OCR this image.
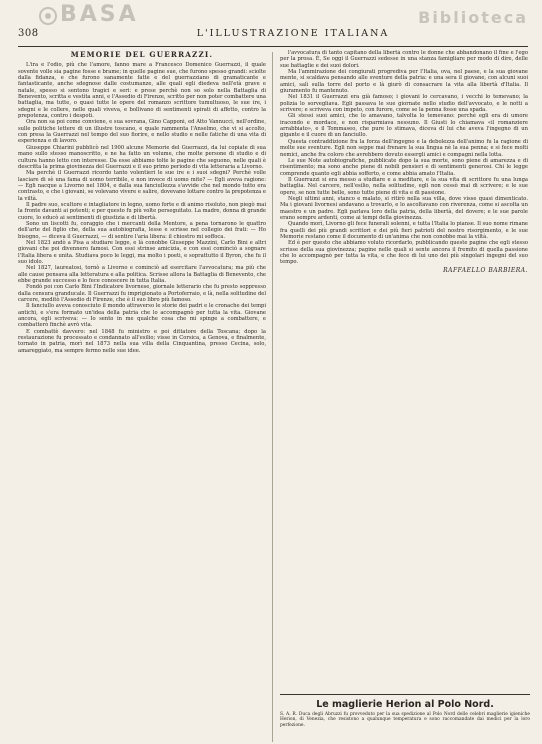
BASA	Biblioteca
308	L'ILLUSTRAZIONE ITALIANA
MEMORIE DEL GUERRAZZI.

L'ira e l'odio, più che l'amore, fanno mare a Francesco Domenico Guerrazzi, il quale sovente volle sia pagine fosse e brame; in quelle pagine sue, che furono spesso grandi: sciolte dalla fidanza, e che furono sanamente fatte e del guerrazziano di gramaticante e fantasticante, anche sdegnose dalle costumanze, alle quali egli diedeva nell'età grave e natale, spesso si sentono tragici e seri: e prese perchè non so solo nella Battaglia di Benevento, scritta e vestìta anni, e l'Assedio di Firenze, scritto per non poter combattere una battaglia, ma tutte, o quasi tutte le opere del romanzo scrittore tumultuoso, le sue ire, i sdegni e le collere, nelle quali viveva, e bollivano di sentimenti spirati di affetto, contro la prepotenza, contro i despoti.

Ora non sa poi come conviene, e sua sovrana, Gino Capponi, ed Atto Vannucci, nell'ordine, sulle politiche lettere di un illustre toscano, e quale rammenta l'Anselmo, che vi si accolto, con presa la Guerrazzi nel tempo del suo fiorire, e nello studio e nelle fatiche di una vita di esperienza e di lavoro.

Giuseppe Chiarini pubblicò nel 1900 alcune Memorie del Guerrazzi, da lui copiate di sua mano sullo stesso manoscritto, e ne ha fatto un volume, che molte persone di studio e di cultura hanno letto con interesse. Da esse abbiamo tolte le pagine che seguono, nelle quali è descritta la prima giovinezza del Guerrazzi e il suo primo periodo di vita letteraria a Livorno.

Ma perchè il Guerrazzi ricordo tanto volentieri le sue ire e i suoi sdegni? Perchè volle lasciare di sè una fama di uomo terribile, e non invece di uomo mite? — Egli aveva ragione: — Egli nacque a Livorno nel 1804, e dalla sua fanciullezza s'avvide che nel mondo tutto era contrasto, e che i giovani, se volevano vivere e salire, dovevano lottare contro la prepotenza e la viltà.

Il padre suo, scultore e intagliatore in legno, uomo forte e di animo risoluto, non piegò mai la fronte davanti ai potenti; e per questo fu più volte perseguitato. La madre, donna di grande cuore, lo educò ai sentimenti di giustizia e di libertà.

Sono un liscotti fu, coraggio che i mercanti della Mentore, a pena tornarono le quattro dell'arte del figlio che, della sua autobiografia, lesse e scrisse nel collegio dei frati: — Ho bisogno, — diceva il Guerrazzi, — di sentire l'aria libera: il chiostro mi soffoca.

Nel 1823 andò a Pisa a studiare legge, e là conobbe Giuseppe Mazzini, Carlo Bini e altri giovani che poi divennero famosi. Con essi strinse amicizia, e con essi cominciò a sognare l'Italia libera e unita. Studiava poco le leggi, ma molto i poeti, e soprattutto il Byron, che fu il suo idolo.

Nel 1827, laureatosi, tornò a Livorno e cominciò ad esercitare l'avvocatura; ma più che alle cause pensava alla letteratura e alla politica. Scrisse allora la Battaglia di Benevento, che ebbe grande successo e lo fece conoscere in tutta Italia.

Fondò poi con Carlo Bini l'Indicatore livornese, giornale letterario che fu presto soppresso dalla censura granducale. Il Guerrazzi fu imprigionato a Portoferraio, e là, nella solitudine del carcere, meditò l'Assedio di Firenze, che è il suo libro più famoso.

Il fanciullo aveva conosciuto il mondo attraverso le storie dei padri e le cronache dei tempi antichi, e s'era formato un'idea della patria che lo accompagnò per tutta la vita. Giovane ancora, egli scriveva: — Io sento in me qualche cosa che mi spinge a combattere, e combatterò finchè avrò vita.

E combattè davvero: nel 1848 fu ministro e poi dittatore della Toscana; dopo la restaurazione fu processato e condannato all'esilio; visse in Corsica, a Genova, e finalmente, tornato in patria, morì nel 1873 nella sua villa della Cinquantina, presso Cecina, solo, amareggiato, ma sempre fermo nelle sue idee.

l'avvocatura di tanto capitano della libertà contro le donne che abbandonano il fine e l'ego per la prosa. È, Se oggi il Guerrazzi sedesse in una stanza famigliare per modo di dire, delle sue battaglie e dei suoi dolori.

Ma l'ammirazione dei congiurati progrediva per l'Italia, ova, nel paese, e la sua giovane mente, si scaldava pensando alle sventure della patria: e una sera il giovane, con alcuni suoi amici, salì sulla torre del porto e là giurò di consacrare la vita alla libertà d'Italia. Il giuramento fu mantenuto.

Nel 1831 il Guerrazzi era già famoso; i giovani lo cercavano, i vecchi lo temevano; la polizia lo sorvegliava. Egli passava le sue giornate nello studio dell'avvocato, e le notti a scrivere; e scriveva con impeto, con furore, come se la penna fosse una spada.

Gli stessi suoi amici, che lo amavano, talvolta lo temevano: perchè egli era di umore iracondo e mordace, e non risparmiava nessuno. Il Giusti lo chiamava «il romanziere arrabbiato», e il Tommaseo, che pure lo stimava, diceva di lui che aveva l'ingegno di un gigante e il cuore di un fanciullo.

Questa contraddizione fra la forza dell'ingegno e la debolezza dell'animo fu la ragione di molte sue sventure. Egli non seppe mai frenare la sua lingua nè la sua penna; e si fece molti nemici, anche fra coloro che avrebbero dovuto essergli amici e compagni nella lotta.

Le sue Note autobiografiche, pubblicate dopo la sua morte, sono piene di amarezza e di risentimento; ma sono anche piene di nobili pensieri e di sentimenti generosi. Chi le legge comprende quanto egli abbia sofferto, e come abbia amato l'Italia.

Il Guerrazzi si era messo a studiare e a meditare, e la sua vita di scrittore fu una lunga battaglia. Nel carcere, nell'esilio, nella solitudine, egli non cessò mai di scrivere; e le sue opere, se non tutte belle, sono tutte piene di vita e di passione.

Negli ultimi anni, stanco e malato, si ritirò nella sua villa, dove visse quasi dimenticato. Ma i giovani livornesi andavano a trovarlo, e lo ascoltavano con riverenza, come si ascolta un maestro e un padre. Egli parlava loro della patria, della libertà, del dovere; e le sue parole erano sempre ardenti, come ai tempi della giovinezza.

Quando morì, Livorno gli fece funerali solenni, e tutta l'Italia lo pianse. Il suo nome rimane fra quelli dei più grandi scrittori e dei più fieri patrioti del nostro risorgimento, e le sue Memorie restano come il documento di un'anima che non conobbe mai la viltà.

Ed è per questo che abbiamo voluto ricordarlo, pubblicando queste pagine che egli stesso scrisse della sua giovinezza; pagine nelle quali si sente ancora il fremito di quella passione che lo accompagnò per tutta la vita, e che fece di lui uno dei più singolari ingegni del suo tempo.

RAFFAELLO BARBIERA.
Le maglierie Herion al Polo Nord.
S. A. R. Duca degli Abruzzi fu provveduto per la sua spedizione al Polo Nord delle celebri maglierie igieniche Herion, di Venezia, che resistono a qualunque temperatura e sono raccomandate dai medici per la loro perfezione.
